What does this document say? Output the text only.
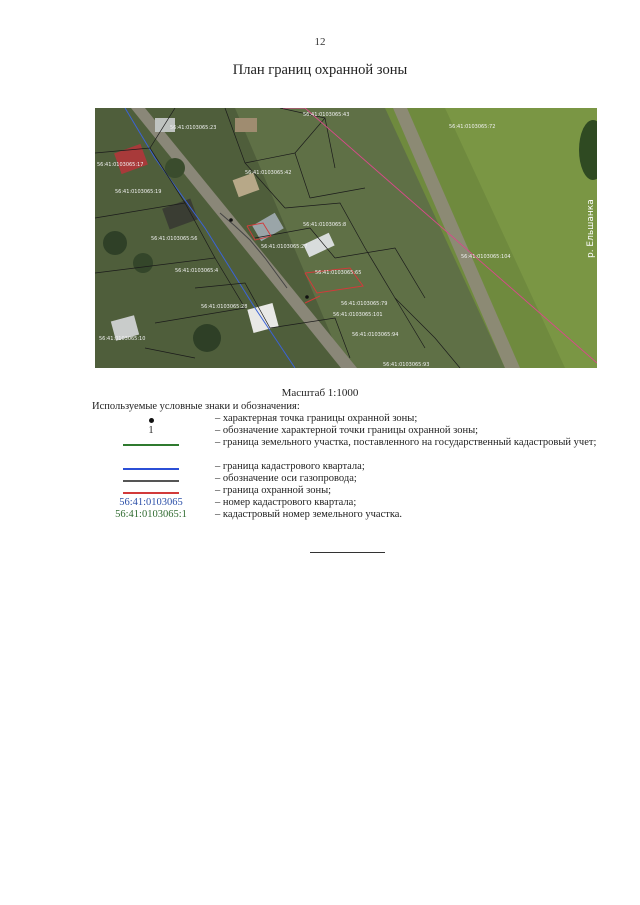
12
План границ охранной зоны
56:41:0103065:43
56:41:0103065:72
56:41:0103065:23
56:41:0103065:17
56:41:0103065:19
56:41:0103065:42
56:41:0103065:56
56:41:0103065:8
56:41:0103065:27
56:41:0103065:65
56:41:0103065:4
56:41:0103065:28	56:41:0103065:79
56:41:0103065:101
56:41:0103065:94
56:41:0103065:10
56:41:0103065:93
56:41:0103065:104	р. Ельшанка
Масштаб 1:1000
Используемые условные знаки и обозначения:
– характерная точка границы охранной зоны;
1	– обозначение характерной точки границы охранной зоны;
– граница земельного участка, поставленного на государственный кадастровый учет;
– граница кадастрового квартала;
– обозначение оси газопровода;
– граница охранной зоны;
56:41:0103065	– номер кадастрового квартала;
56:41:0103065:1	– кадастровый номер земельного участка.
